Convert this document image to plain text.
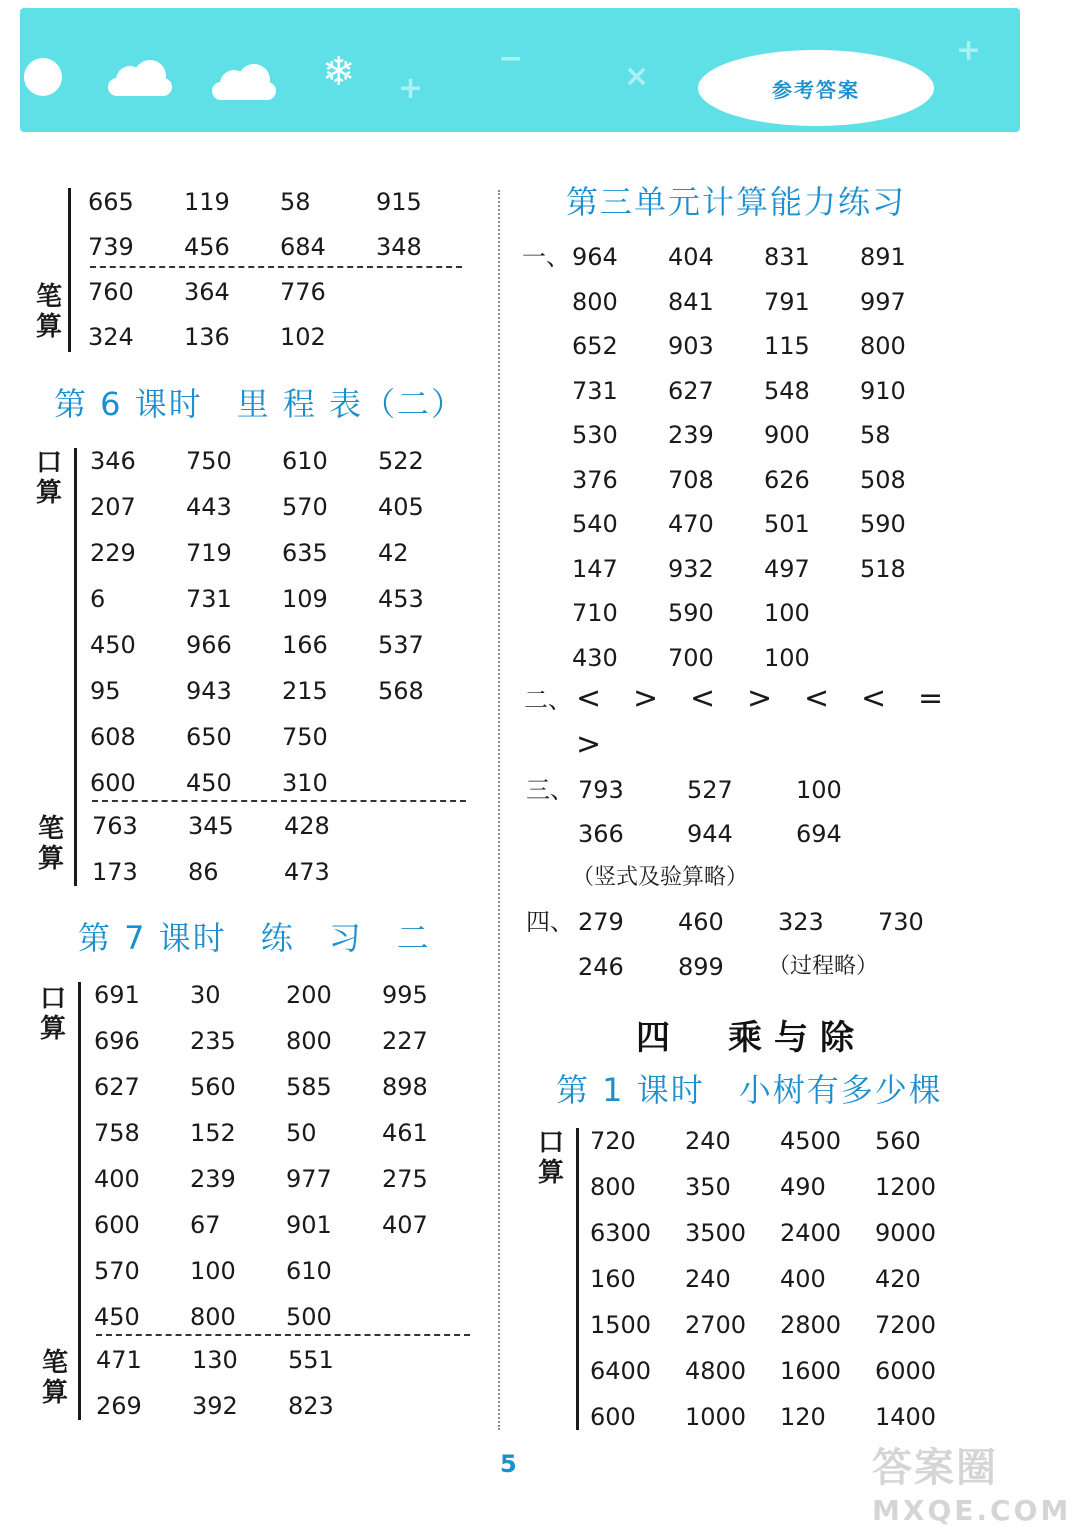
❄ +
−
×
+
参考答案
笔算
第 6 课时　里 程 表（二）
口算
笔算
第 7 课时　练　习　二
口算
笔算
第三单元计算能力练习
一、
二、
三、
（竖式及验算略）
四、
（过程略）
四　乘与除
第 1 课时　小树有多少棵
口算
5	答案圈
MXQE.COM
665 119 58	915
739 456 684 348
760 364 776
324 136 102
346 750 610 522
207 443 570 405
229 719 635 42
6	731 109 453
450 966 166 537
95	943 215 568
608 650 750
600 450 310
763 345 428
173 86	473
691 30	200 995
696 235 800 227
627 560 585 898
758 152 50	461
400 239 977 275
600 67	901 407
570 100 610
450 800 500
471 130 551
269 392 823
964 404 831 891
800 841 791 997
652 903 115 800
731 627 548 910
530 239 900 58
376 708 626 508
540 470 501 590
147 932 497 518
710 590 100
430 700 100
793	527	100
366	944	694
720 240 4500 560
800 350 490 1200
6300 3500 2400 9000
160 240 400 420
1500 2700 2800 7200
6400 4800 1600 6000
600 1000 120 1400
279 460 323 730
246 899
< > < > < < =
>
